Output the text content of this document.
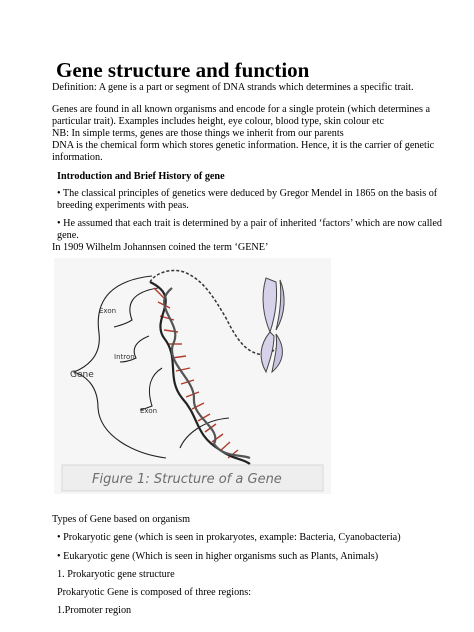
Gene structure and function
Definition: A gene is a part or segment of DNA strands which determines a specific trait.
Genes are found in all known organisms and encode for a single protein (which determines a
particular trait). Examples includes height, eye colour, blood type, skin colour etc
NB: In simple terms, genes are those things we inherit from our parents
DNA is the chemical form which stores genetic information. Hence, it is the carrier of genetic
information.
Introduction and Brief History of gene
• The classical principles of genetics were deduced by Gregor Mendel in 1865 on the basis of
breeding experiments with peas.
• He assumed that each trait is determined by a pair of inherited ‘factors’ which are now called
gene.
In 1909 Wilhelm Johannsen coined the term ‘GENE’
Exon
Intron
Gene
Exon
Figure 1: Structure of a Gene
Types of Gene based on organism
• Prokaryotic gene (which is seen in prokaryotes, example: Bacteria, Cyanobacteria)
• Eukaryotic gene (Which is seen in higher organisms such as Plants, Animals)
1. Prokaryotic gene structure
Prokaryotic Gene is composed of three regions:
1.Promoter region
